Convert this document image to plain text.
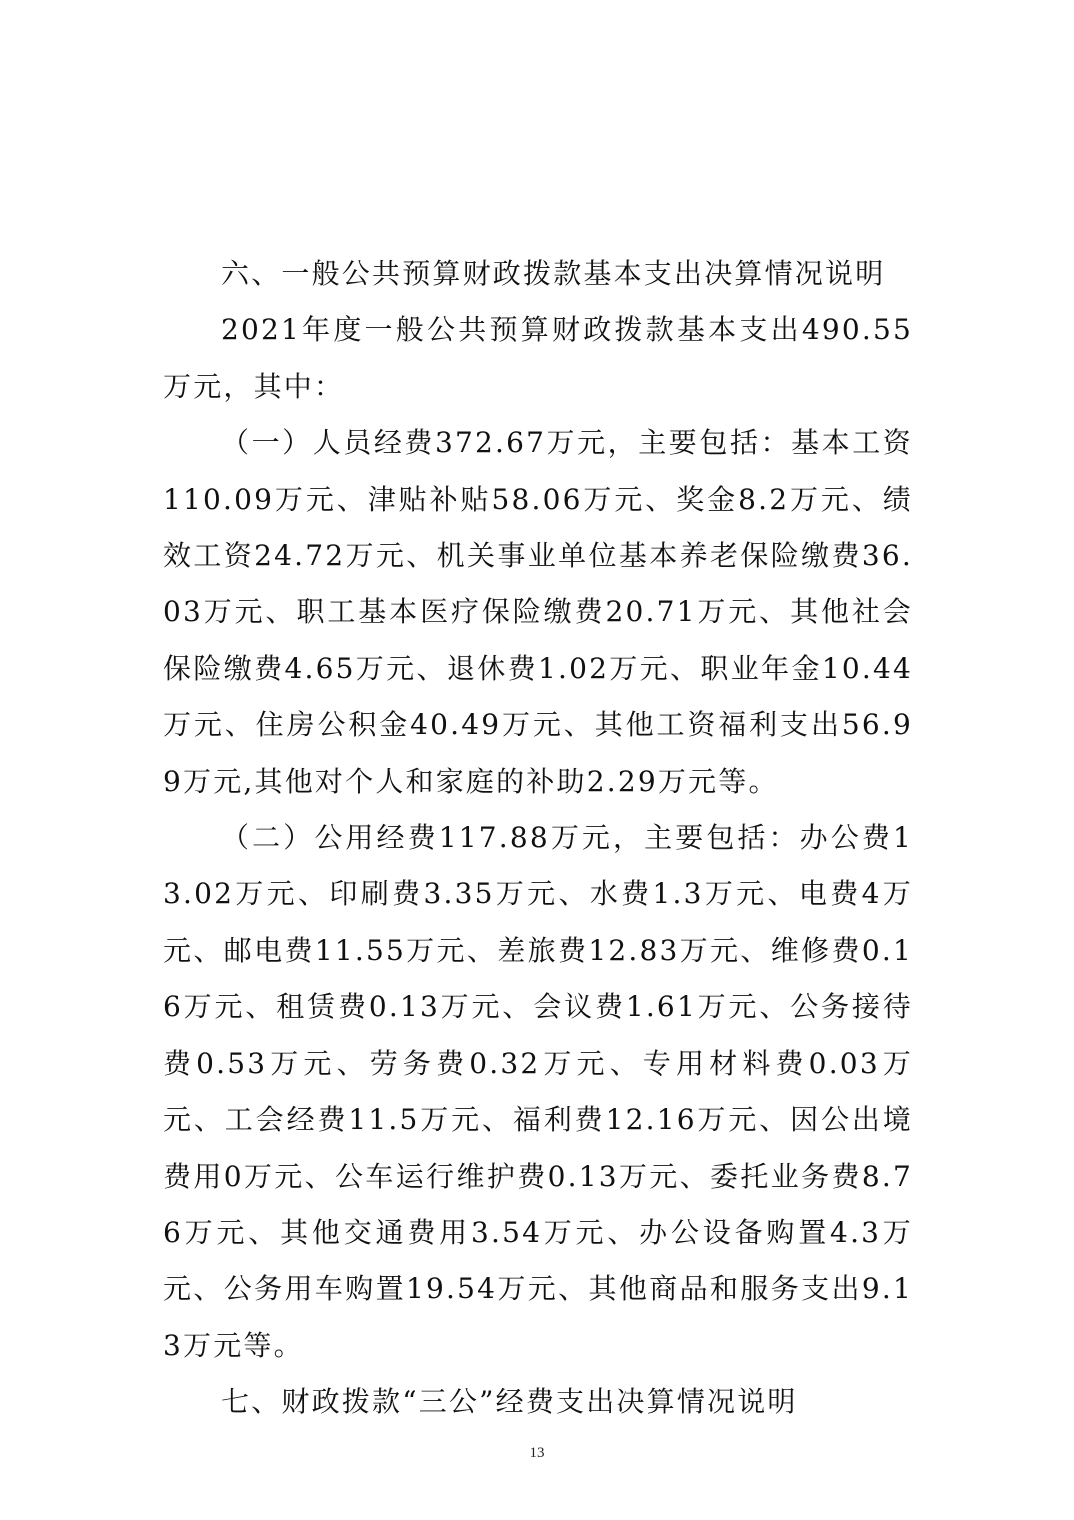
六、一般公共预算财政拨款基本支出决算情况说明

2021年度一般公共预算财政拨款基本支出490.55万元，其中：

（一）人员经费372.67万元，主要包括：基本工资110.09万元、津贴补贴58.06万元、奖金8.2万元、绩效工资24.72万元、机关事业单位基本养老保险缴费36.03万元、职工基本医疗保险缴费20.71万元、其他社会保险缴费4.65万元、退休费1.02万元、职业年金10.44万元、住房公积金40.49万元、其他工资福利支出56.99万元,其他对个人和家庭的补助2.29万元等。

（二）公用经费117.88万元，主要包括：办公费13.02万元、印刷费3.35万元、水费1.3万元、电费4万元、邮电费11.55万元、差旅费12.83万元、维修费0.16万元、租赁费0.13万元、会议费1.61万元、公务接待费0.53万元、劳务费0.32万元、专用材料费0.03万元、工会经费11.5万元、福利费12.16万元、因公出境费用0万元、公车运行维护费0.13万元、委托业务费8.76万元、其他交通费用3.54万元、办公设备购置4.3万元、公务用车购置19.54万元、其他商品和服务支出9.13万元等。

七、财政拨款“三公”经费支出决算情况说明

13
